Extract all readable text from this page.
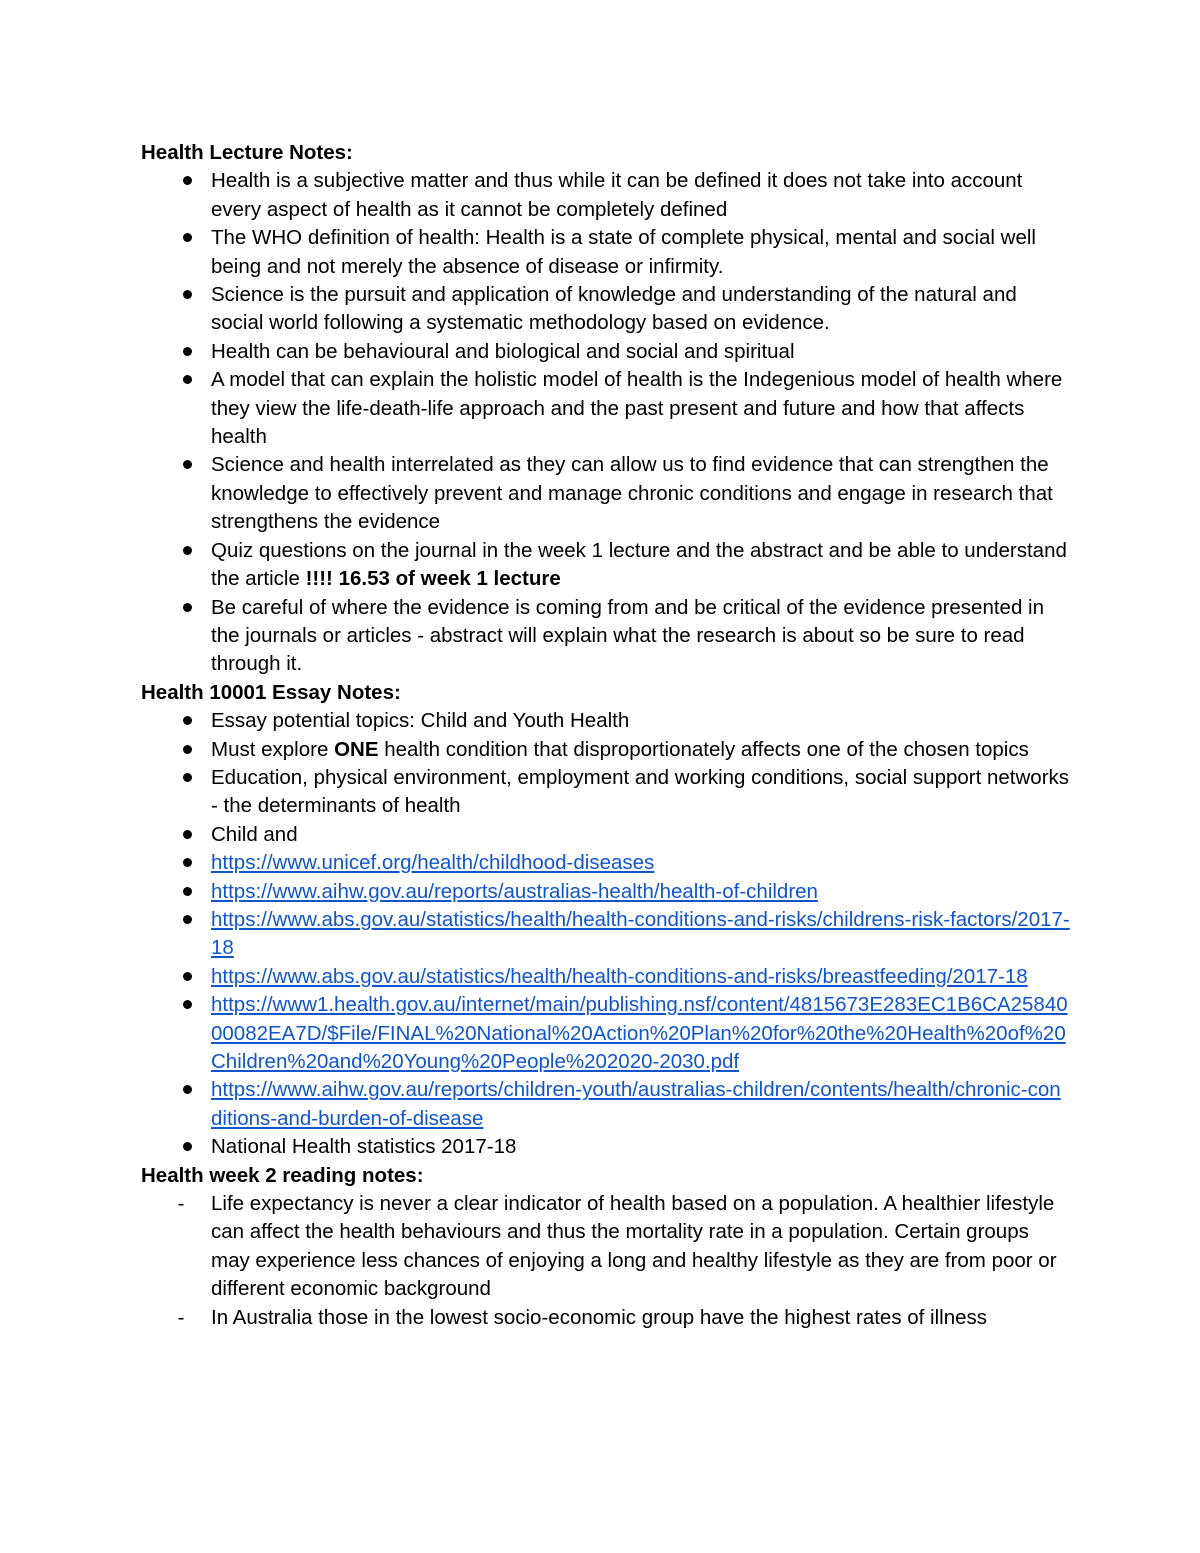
Health Lecture Notes:
Health is a subjective matter and thus while it can be defined it does not take into account every aspect of health as it cannot be completely defined
The WHO definition of health: Health is a state of complete physical, mental and social well being and not merely the absence of disease or infirmity.
Science is the pursuit and application of knowledge and understanding of the natural and social world following a systematic methodology based on evidence.
Health can be behavioural and biological and social and spiritual
A model that can explain the holistic model of health is the Indegenious model of health where they view the life-death-life approach and the past present and future and how that affects health
Science and health interrelated as they can allow us to find evidence that can strengthen the knowledge to effectively prevent and manage chronic conditions and engage in research that strengthens the evidence
Quiz questions on the journal in the week 1 lecture and the abstract and be able to understand the article !!!! 16.53 of week 1 lecture
Be careful of where the evidence is coming from and be critical of the evidence presented in the journals or articles - abstract will explain what the research is about so be sure to read through it.
Health 10001 Essay Notes:
Essay potential topics: Child and Youth Health
Must explore ONE health condition that disproportionately affects one of the chosen topics
Education, physical environment, employment and working conditions, social support networks - the determinants of health
Child and
https://www.unicef.org/health/childhood-diseases
https://www.aihw.gov.au/reports/australias-health/health-of-children
https://www.abs.gov.au/statistics/health/health-conditions-and-risks/childrens-risk-factors/2017-18
https://www.abs.gov.au/statistics/health/health-conditions-and-risks/breastfeeding/2017-18
https://www1.health.gov.au/internet/main/publishing.nsf/content/4815673E283EC1B6CA2584000082EA7D/$File/FINAL%20National%20Action%20Plan%20for%20the%20Health%20of%20Children%20and%20Young%20People%202020-2030.pdf
https://www.aihw.gov.au/reports/children-youth/australias-children/contents/health/chronic-conditions-and-burden-of-disease
National Health statistics 2017-18
Health week 2 reading notes:
-	Life expectancy is never a clear indicator of health based on a population. A healthier lifestyle can affect the health behaviours and thus the mortality rate in a population. Certain groups may experience less chances of enjoying a long and healthy lifestyle as they are from poor or different economic background
-	In Australia those in the lowest socio-economic group have the highest rates of illness
